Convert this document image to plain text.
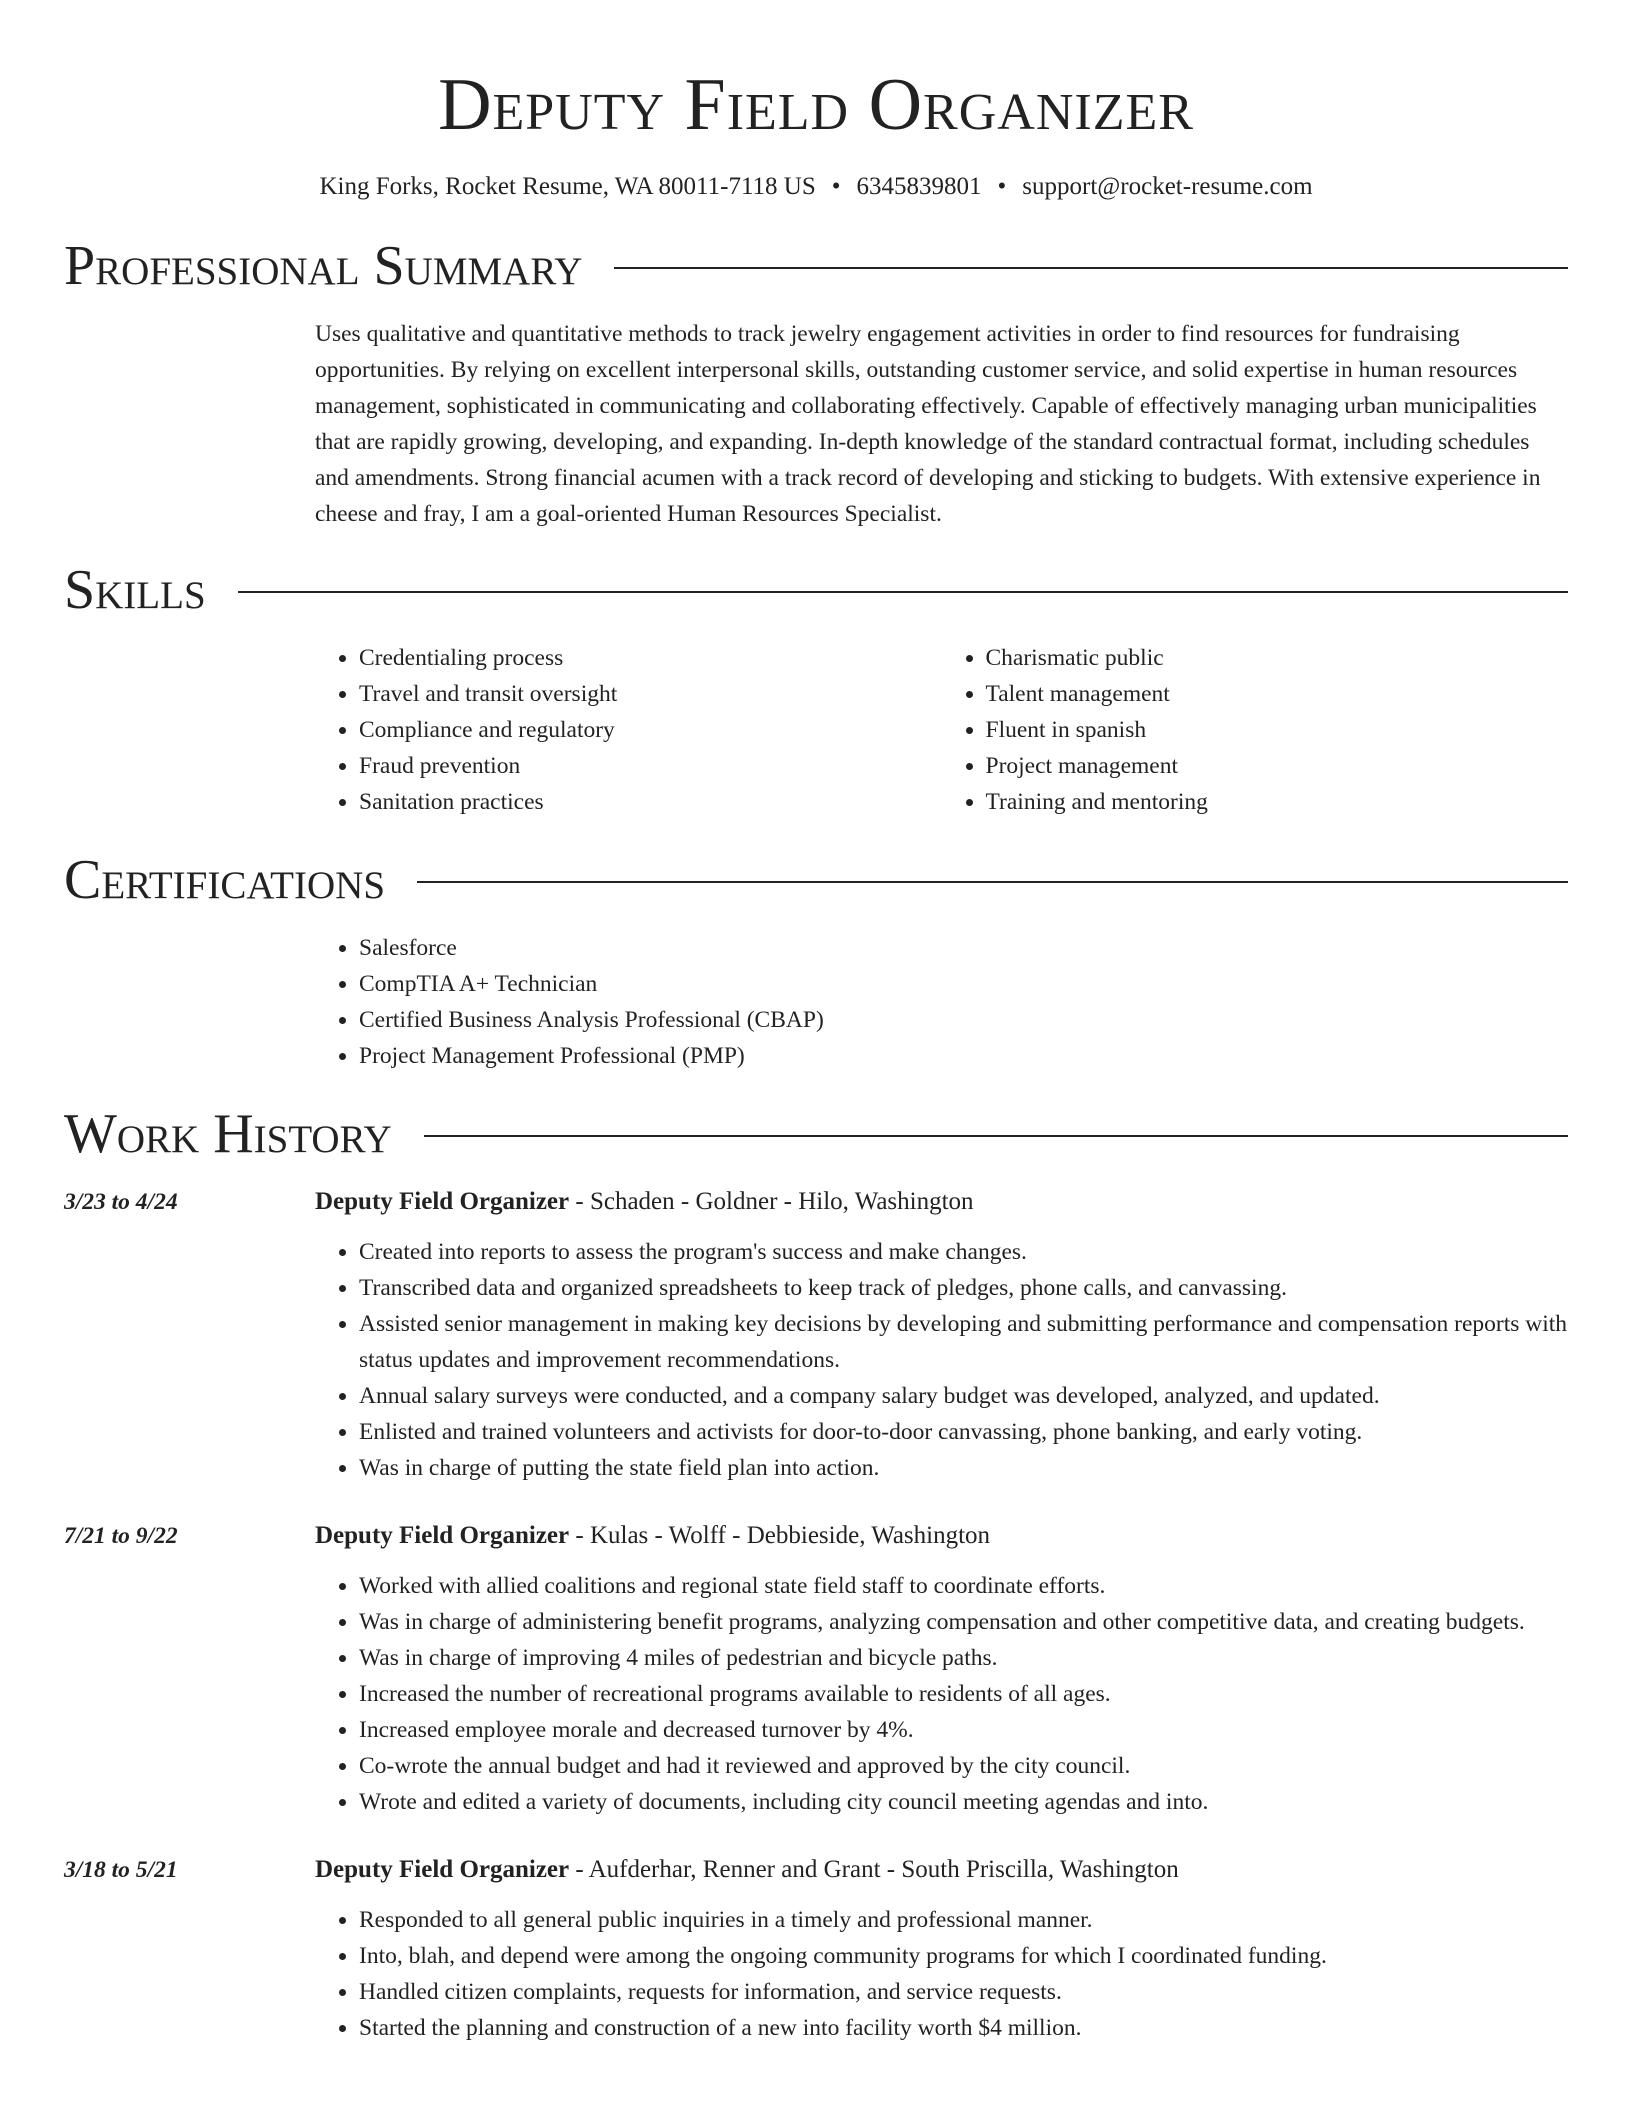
Deputy Field Organizer
King Forks, Rocket Resume, WA 80011-7118 US • 6345839801 • support@rocket-resume.com
Professional Summary

Uses qualitative and quantitative methods to track jewelry engagement activities in order to find resources for fundraising opportunities. By relying on excellent interpersonal skills, outstanding customer service, and solid expertise in human resources management, sophisticated in communicating and collaborating effectively. Capable of effectively managing urban municipalities that are rapidly growing, developing, and expanding. In-depth knowledge of the standard contractual format, including schedules and amendments. Strong financial acumen with a track record of developing and sticking to budgets. With extensive experience in cheese and fray, I am a goal-oriented Human Resources Specialist.

Skills
• Credentialing process
• Travel and transit oversight
• Compliance and regulatory
• Fraud prevention
• Sanitation practices
• Charismatic public
• Talent management
• Fluent in spanish
• Project management
• Training and mentoring
Certifications
• Salesforce
• CompTIA A+ Technician
• Certified Business Analysis Professional (CBAP)
• Project Management Professional (PMP)
Work History
3/23 to 4/24	Deputy Field Organizer - Schaden - Goldner - Hilo, Washington
• Created into reports to assess the program's success and make changes.
• Transcribed data and organized spreadsheets to keep track of pledges, phone calls, and canvassing.
• Assisted senior management in making key decisions by developing and submitting performance and compensation reports with status updates and improvement recommendations.
• Annual salary surveys were conducted, and a company salary budget was developed, analyzed, and updated.
• Enlisted and trained volunteers and activists for door-to-door canvassing, phone banking, and early voting.
• Was in charge of putting the state field plan into action.
7/21 to 9/22	Deputy Field Organizer - Kulas - Wolff - Debbieside, Washington
• Worked with allied coalitions and regional state field staff to coordinate efforts.
• Was in charge of administering benefit programs, analyzing compensation and other competitive data, and creating budgets.
• Was in charge of improving 4 miles of pedestrian and bicycle paths.
• Increased the number of recreational programs available to residents of all ages.
• Increased employee morale and decreased turnover by 4%.
• Co-wrote the annual budget and had it reviewed and approved by the city council.
• Wrote and edited a variety of documents, including city council meeting agendas and into.
3/18 to 5/21	Deputy Field Organizer - Aufderhar, Renner and Grant - South Priscilla, Washington
• Responded to all general public inquiries in a timely and professional manner.
• Into, blah, and depend were among the ongoing community programs for which I coordinated funding.
• Handled citizen complaints, requests for information, and service requests.
• Started the planning and construction of a new into facility worth $4 million.
